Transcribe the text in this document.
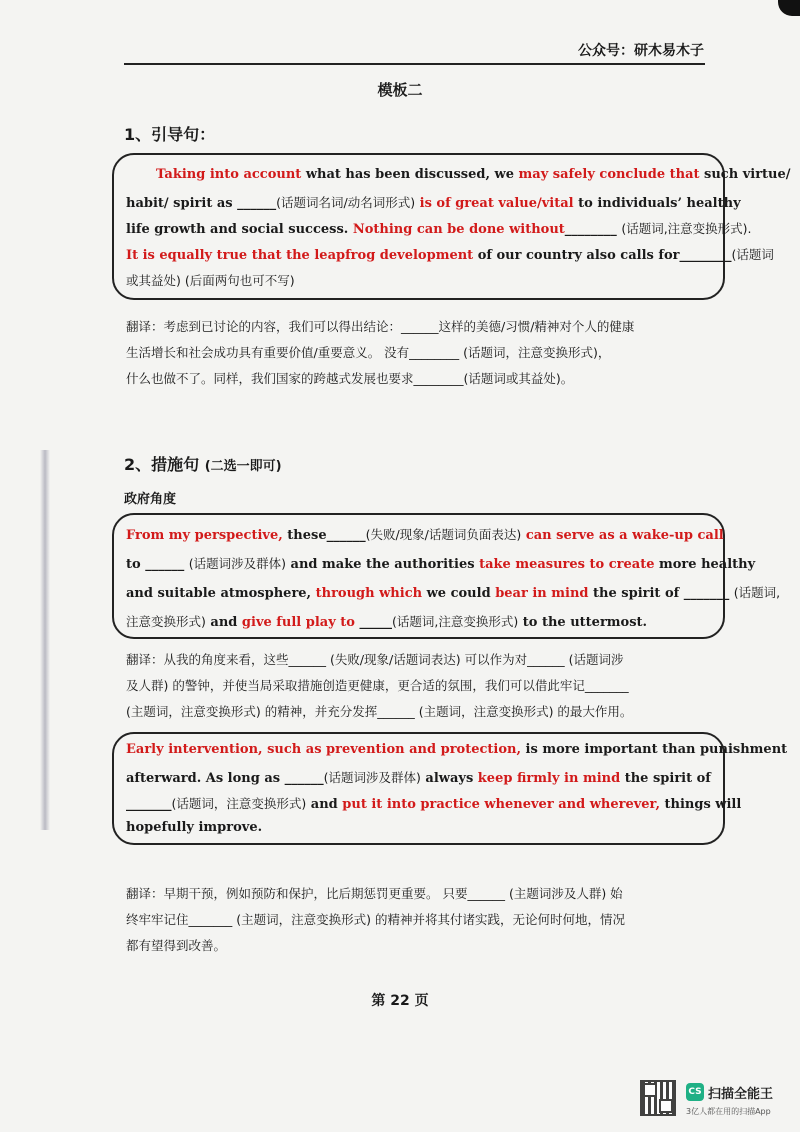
公众号：研木易木子
模板二
1、引导句：
Taking into account what has been discussed, we may safely conclude that such virtue/
habit/ spirit as ______(话题词名词/动名词形式) is of great value/vital to individuals’ healthy
life growth and social success. Nothing can be done without________ (话题词,注意变换形式).
It is equally true that the leapfrog development of our country also calls for________(话题词
或其益处) (后面两句也可不写)
翻译：考虑到已讨论的内容，我们可以得出结论：______这样的美德/习惯/精神对个人的健康
生活增长和社会成功具有重要价值/重要意义。 没有________ (话题词，注意变换形式)，
什么也做不了。同样，我们国家的跨越式发展也要求________(话题词或其益处)。
2、措施句 (二选一即可)
政府角度
From my perspective, these______(失败/现象/话题词负面表达) can serve as a wake-up call
to ______ (话题词涉及群体) and make the authorities take measures to create more healthy
and suitable atmosphere, through which we could bear in mind the spirit of _______ (话题词,
注意变换形式) and give full play to _____(话题词,注意变换形式) to the uttermost.
翻译：从我的角度来看，这些______ (失败/现象/话题词表达) 可以作为对______ (话题词涉
及人群) 的警钟，并使当局采取措施创造更健康，更合适的氛围，我们可以借此牢记_______
(主题词，注意变换形式) 的精神，并充分发挥______ (主题词，注意变换形式) 的最大作用。
Early intervention, such as prevention and protection, is more important than punishment
afterward. As long as ______(话题词涉及群体) always keep firmly in mind the spirit of
_______(话题词，注意变换形式) and put it into practice whenever and wherever, things will
hopefully improve.
翻译：早期干预，例如预防和保护，比后期惩罚更重要。 只要______ (主题词涉及人群) 始
终牢牢记住_______ (主题词，注意变换形式) 的精神并将其付诸实践，无论何时何地，情况
都有望得到改善。
第 22 页
CS 扫描全能王
3亿人都在用的扫描App
